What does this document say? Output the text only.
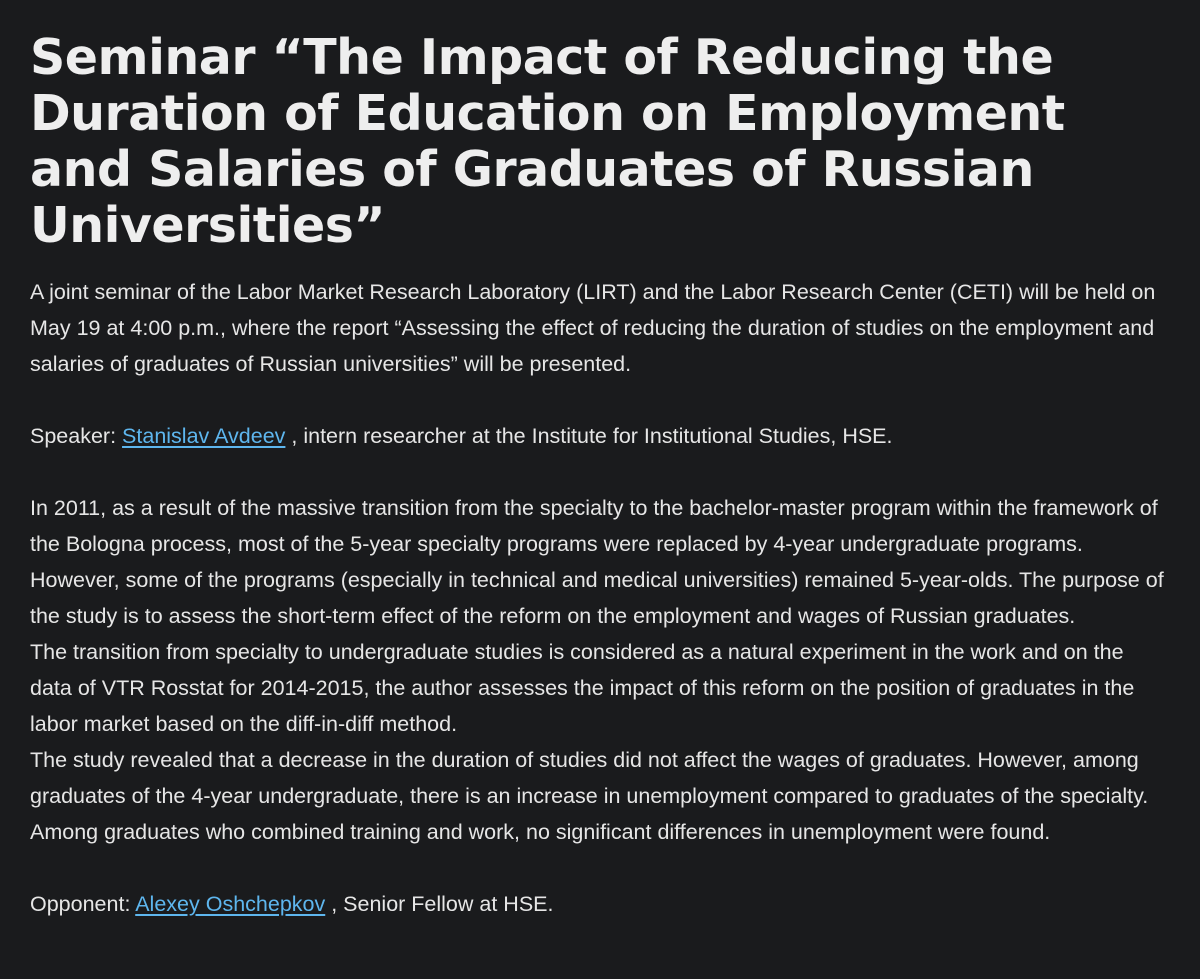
Seminar “The Impact of Reducing the Duration of Education on Employment and Salaries of Graduates of Russian Universities”

A joint seminar of the Labor Market Research Laboratory (LIRT) and the Labor Research Center (CETI) will be held on May 19 at 4:00 p.m., where the report “Assessing the effect of reducing the duration of studies on the employment and salaries of graduates of Russian universities” will be presented.

Speaker: Stanislav Avdeev , intern researcher at the Institute for Institutional Studies, HSE.

In 2011, as a result of the massive transition from the specialty to the bachelor-master program within the framework of the Bologna process, most of the 5-year specialty programs were replaced by 4-year undergraduate programs. However, some of the programs (especially in technical and medical universities) remained 5-year-olds. The purpose of the study is to assess the short-term effect of the reform on the employment and wages of Russian graduates.

The transition from specialty to undergraduate studies is considered as a natural experiment in the work and on the data of VTR Rosstat for 2014-2015, the author assesses the impact of this reform on the position of graduates in the labor market based on the diff-in-diff method.

The study revealed that a decrease in the duration of studies did not affect the wages of graduates. However, among graduates of the 4-year undergraduate, there is an increase in unemployment compared to graduates of the specialty. Among graduates who combined training and work, no significant differences in unemployment were found.

Opponent: Alexey Oshchepkov , Senior Fellow at HSE.
